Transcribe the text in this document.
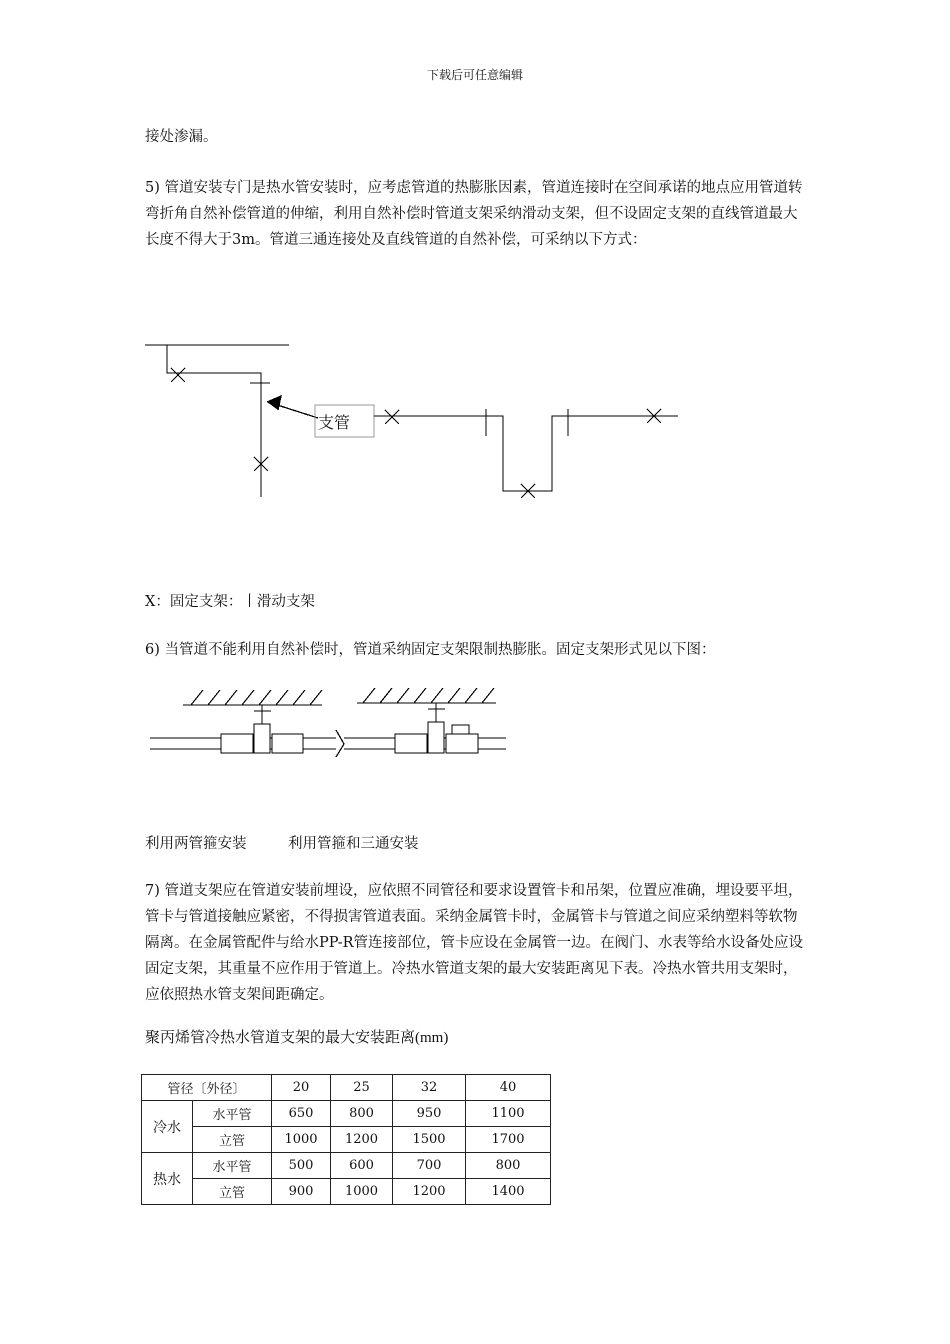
下载后可任意编辑

接处渗漏。

5) 管道安装专门是热水管安装时，应考虑管道的热膨胀因素，管道连接时在空间承诺的地点应用管道转弯折角自然补偿管道的伸缩，利用自然补偿时管道支架采纳滑动支架，但不设固定支架的直线管道最大长度不得大于3m。管道三通连接处及直线管道的自然补偿，可采纳以下方式：

支管

X：固定支架：丨滑动支架

6) 当管道不能利用自然补偿时，管道采纳固定支架限制热膨胀。固定支架形式见以下图：

利用两管箍安装	利用管箍和三通安装

7) 管道支架应在管道安装前埋设，应依照不同管径和要求设置管卡和吊架，位置应准确，埋设要平坦，管卡与管道接触应紧密，不得损害管道表面。采纳金属管卡时，金属管卡与管道之间应采纳塑料等软物隔离。在金属管配件与给水PP-R管连接部位，管卡应设在金属管一边。在阀门、水表等给水设备处应设固定支架，其重量不应作用于管道上。冷热水管道支架的最大安装距离见下表。冷热水管共用支架时，应依照热水管支架间距确定。

聚丙烯管冷热水管道支架的最大安装距离(mm)
管径〔外径〕		20	25	32	40
冷水	水平管	650	800	950	1100
	立管	1000	1200	1500	1700
热水	水平管	500	600	700	800
	立管	900	1000	1200	1400
